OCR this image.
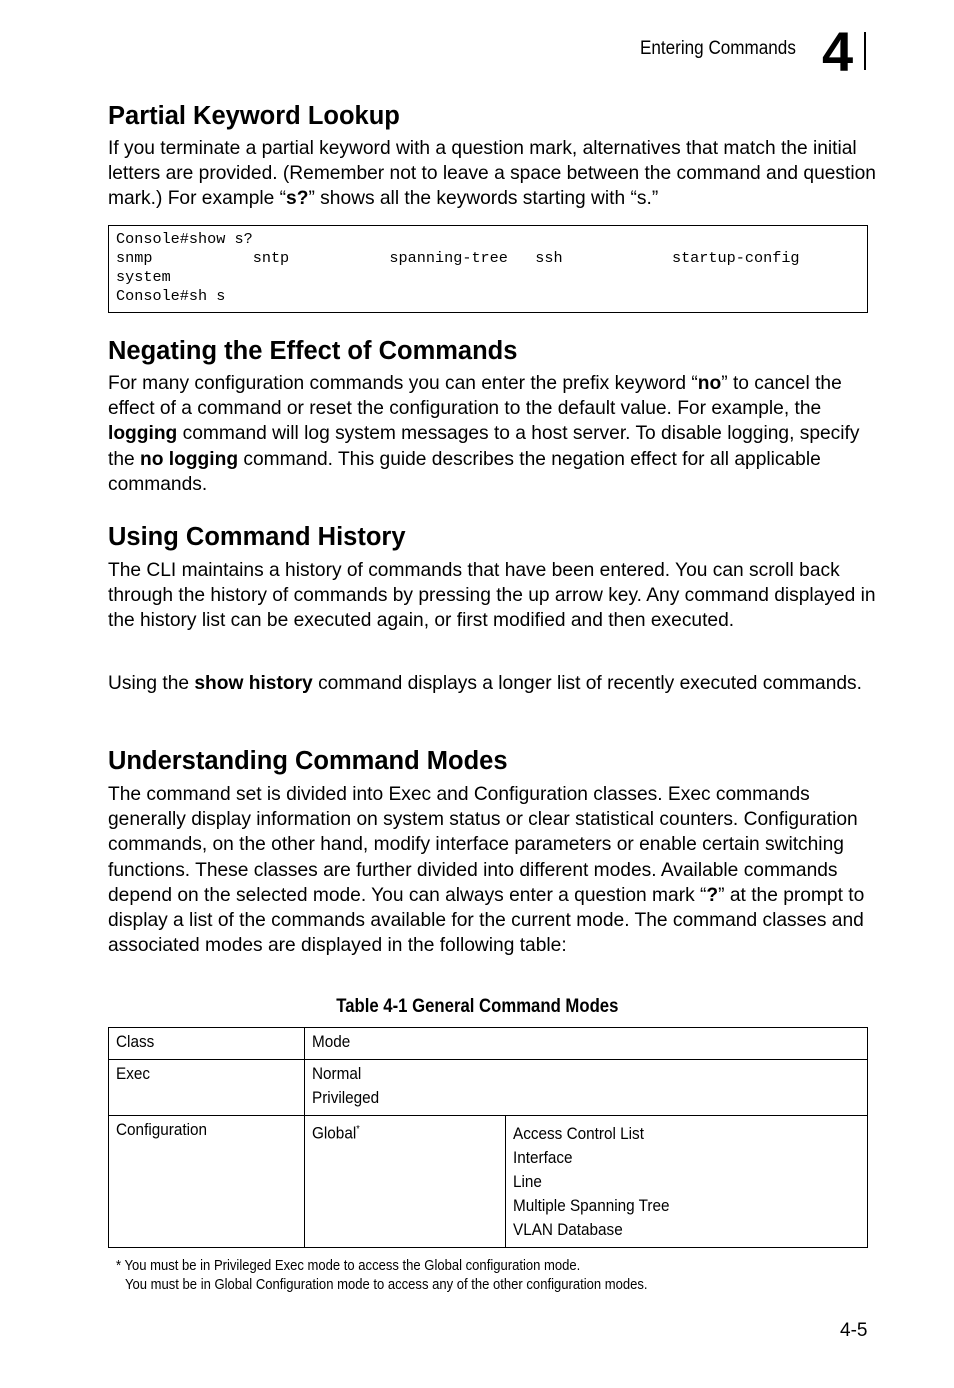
Entering Commands 4
Partial Keyword Lookup

If you terminate a partial keyword with a question mark, alternatives that match the initial letters are provided. (Remember not to leave a space between the command and question mark.) For example “s?” shows all the keywords starting with “s.”

Console#show s?
snmp           sntp           spanning-tree   ssh            startup-config
system
Console#sh s
Negating the Effect of Commands

For many configuration commands you can enter the prefix keyword “no” to cancel the effect of a command or reset the configuration to the default value. For example, the logging command will log system messages to a host server. To disable logging, specify the no logging command. This guide describes the negation effect for all applicable commands.

Using Command History

The CLI maintains a history of commands that have been entered. You can scroll back through the history of commands by pressing the up arrow key. Any command displayed in the history list can be executed again, or first modified and then executed.

Using the show history command displays a longer list of recently executed commands.

Understanding Command Modes

The command set is divided into Exec and Configuration classes. Exec commands generally display information on system status or clear statistical counters. Configuration commands, on the other hand, modify interface parameters or enable certain switching functions. These classes are further divided into different modes. Available commands depend on the selected mode. You can always enter a question mark “?” at the prompt to display a list of the commands available for the current mode. The command classes and associated modes are displayed in the following table:

Table 4-1 General Command Modes
Class	Mode	
Exec	Normal
Privileged	
Configuration	Global*	Access Control List
Interface
Line
Multiple Spanning Tree
VLAN Database
* You must be in Privileged Exec mode to access the Global configuration mode.
You must be in Global Configuration mode to access any of the other configuration modes.
4-5
